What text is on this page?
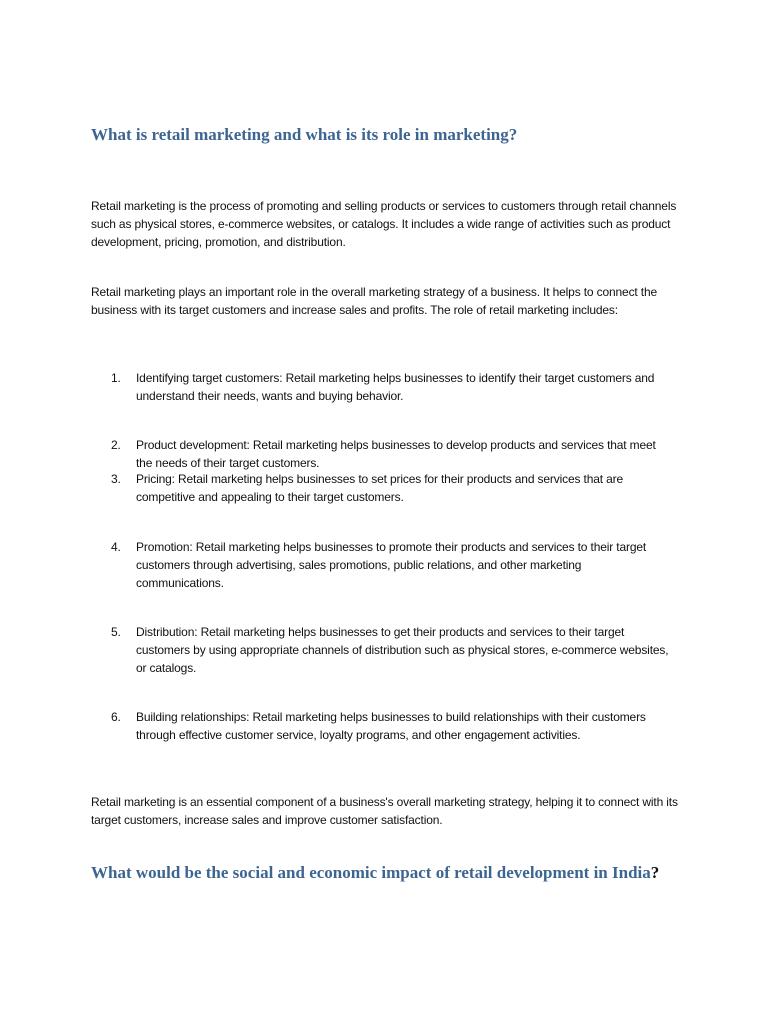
What is retail marketing and what is its role in marketing?

Retail marketing is the process of promoting and selling products or services to customers through retail channels such as physical stores, e-commerce websites, or catalogs. It includes a wide range of activities such as product development, pricing, promotion, and distribution.

Retail marketing plays an important role in the overall marketing strategy of a business. It helps to connect the business with its target customers and increase sales and profits. The role of retail marketing includes:

1.	Identifying target customers: Retail marketing helps businesses to identify their target customers and understand their needs, wants and buying behavior.
2.	Product development: Retail marketing helps businesses to develop products and services that meet the needs of their target customers.
3.	Pricing: Retail marketing helps businesses to set prices for their products and services that are competitive and appealing to their target customers.
4.	Promotion: Retail marketing helps businesses to promote their products and services to their target customers through advertising, sales promotions, public relations, and other marketing communications.
5.	Distribution: Retail marketing helps businesses to get their products and services to their target customers by using appropriate channels of distribution such as physical stores, e-commerce websites, or catalogs.
6.	Building relationships: Retail marketing helps businesses to build relationships with their customers through effective customer service, loyalty programs, and other engagement activities.

Retail marketing is an essential component of a business's overall marketing strategy, helping it to connect with its target customers, increase sales and improve customer satisfaction.

What would be the social and economic impact of retail development in India?
